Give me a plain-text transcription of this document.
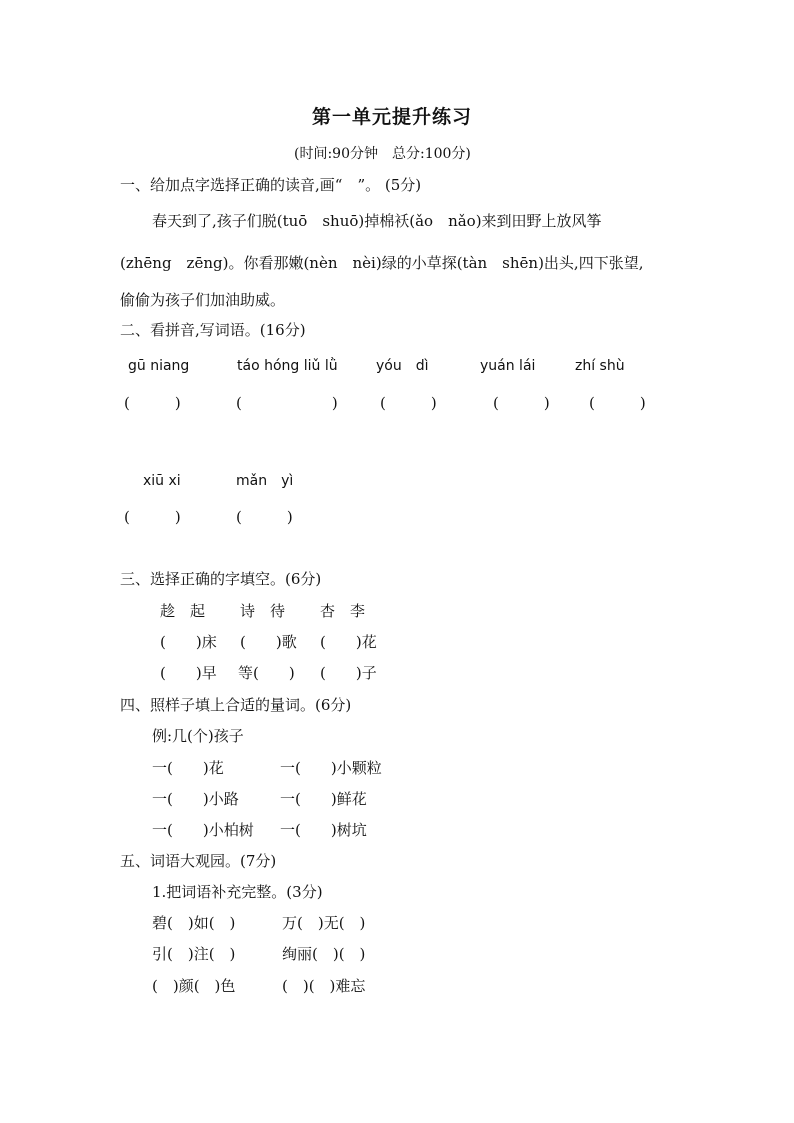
第一单元提升练习
(时间:90分钟　总分:100分)
一、给加点字选择正确的读音,画“　”。 (5分)
春天到了,孩子们脱(tuō　shuō)掉棉袄(ǎo　nǎo)来到田野上放风筝
(zhēng　zēng)。你看那嫩(nèn　nèi)绿的小草探(tàn　shēn)出头,四下张望,
偷偷为孩子们加油助威。
二、看拼音,写词语。(16分)
gū niang	táo hóng liǔ lǜ	yóu　dì	yuán lái	zhí shù
(　　　)	(　　　　　　)	(　　　)	(　　　)	(　　　)
xiū xi	mǎn　yì
(　　　)	(　　　)
三、选择正确的字填空。(6分)
趁　起 诗　待 杏　李
(　　)床 (　　)歌 (　　)花
(　　)早 等(　　) (　　)子
四、照样子填上合适的量词。(6分)
例:几(个)孩子
一(　　)花	一(　　)小颗粒
一(　　)小路	一(　　)鲜花
一(　　)小柏树 一(　　)树坑
五、词语大观园。(7分)
1.把词语补充完整。(3分)
碧(　)如(　)	万(　)无(　)
引(　)注(　)	绚丽(　)(　)
(　)颜(　)色	(　)(　)难忘
